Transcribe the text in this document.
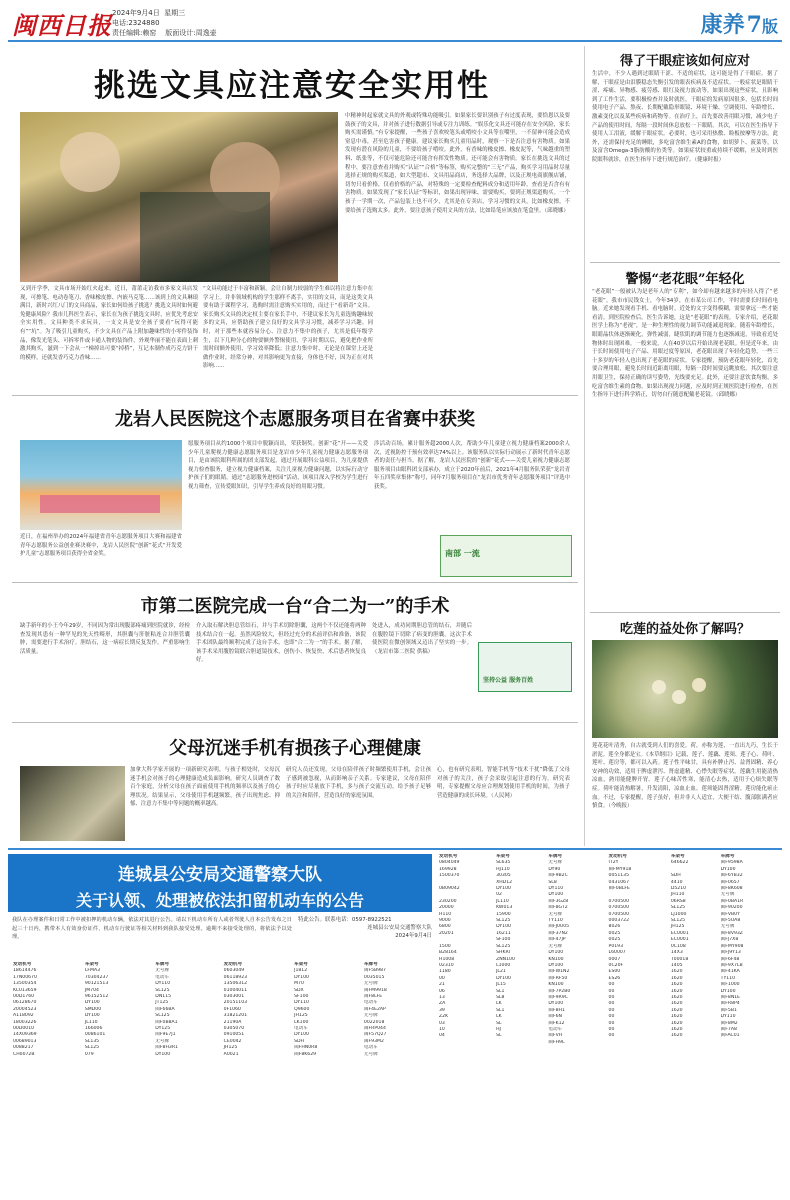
闽西日报 2024年9月4日 星期三
电话:2324880
责任编辑:赖窑 版面设计:周逸壶	康养7版
挑选文具应注意安全实用性
又到开学季，文具市场开始红火起来。近日，莆莆走访我市多家文具店发现，可擦笔、电动卷笔刀、香味橡皮擦、内嵌马克笔……该到上的文具琳琅满目，新时兴红八门的文具商品，家长如何给孩子挑选？挑选文具时如何避免健康风险？我市儿科医生表示，家长在为孩子挑选文具时，应优先考虑安全实用性，文具种类不求玩具，一支文具是安全孩子要看“玩得可能有”“坑”。为了吸引儿童购买，不少文具在产品上附加趣味性的小零件装饰品，像发光笔头、可拆零件或卡通人物的装饰件，外观华丽不能在表面上刺激其购买，滋到一下会从一“梯掉出可要“掉桥”，互记本制作成巧克力饼干的模样，还就发香巧克力香味……
“文具功能过于丰富和新颖，会让自制力较弱的学生难以将注意力集中在学习上。并非领域机构的学生那样不离手，实用的文具，而是这类文具要有助于课程学习，选购时需注意购买实用的，而过于“看新奇”文具。家长购买文具的决定权主要在家长手中，不建议家长为儿童选购趣味较多的文具，应帮助孩子建立良好的文具学习习惯，减养学习兴趣。同时，对于那些本就容易分心、注意力不集中的孩子，尤其是低年级学生，以下几种分心的物要额外警惕使用，学习时期以后，避免把作业所需时间额外使用，学习效率降低；注意力集中时，无论是在课堂上还是做作业时，经常分神，对其影响更为直接，身体也不好，因为正在对其影响……
中精神时起家就文具的外观或特殊功能吸引。如果家长要识别孩子有过度表现，要恰恩以及要鼓孩子的文具，并对孩子进行数据引导或专注力训练。“娱乐化文具还可能存在安全风险，家长购买需谨慎。”有专家提醒，一些孩子喜欢咬笔头或啃咬小文具等在嘴里，一不留神可能会造成窒息中毒，甚至危害孩子健康。建议家长购买儿童用品时，观察一下是否注意有害物质。如果发现有潜在风险的儿童，不要给孩子啃咬。此外，有香味的橡皮擦、橡皮泥等，气味越重的塑料、纸张等，不仅可能危险还可能含有挥发性物质。还可能会有害物质。家长在挑选文具的过程中，要注意查看并购买“认证”“合格”等标签，购买完整的“三无”产品，购买学习用品时尽量选择正规的购买渠道，如大型超市、文具用品商店，务选择大品牌，以及正规电商旗舰店铺，切勿只看价格，仅看价格的产品，对特殊的一定要检查配料成分和适用年龄，查看是否含有有害物质。如果发现了“家长认证”等标识，如果出现异味、需要购买，要到正规渠道购买。一个孩子一学期一次，产品包装上也不可少，尤其是在专卖店，学习习惯的文具，比如橡皮擦，不要给孩子选购太多。此外，要注意孩子使用文具的方法，比如铅笔应该放在笔盒里。（邱晓娜）
龙岩人民医院这个志愿服务项目在省赛中获奖
近日，在福州举办的2024年福建省青年志愿服务项目大赛和福建省青年志愿服务公益创业赛决赛中，龙岩人民医院“创新”花式“开发爱护儿童”志愿服务项目获得全省金奖。
愿服务项目从约1000个项目中脱颖而出，荣获铜奖。创新“花”开——关爱少年儿童爬视力健康志愿服务项目是龙岩市少年儿童视力健康志愿服务项目，是由该院眼科所属的团支部发起，通过开展眼科公益项目，为儿童提供视力检查服务，建立视力健康档案，关注儿童视力健康问题，以实际行动守护孩子们的眼睛。通过“志愿服务进校园”活动，该项目深入学校为学生进行视力筛查，宣传爱眼知识，引导学生养成良好的用眼习惯。
涉活动百场，累计服务超2000人次，帮助少年儿童建立视力健康档案2000余人次，近视防控干预有效率达74%以上。该服务队以实际行动展示了新时代青年志愿者的责任与担当。据了解，龙岩人民医院的“创新”花式——关爱儿童视力健康志愿服务项目由眼科团支部承办，成立于2020年前后，2021年4月服务队荣获“龙岩青年五四奖章集体”称号，同年7月服务项目在“龙岩市优秀青年志愿服务项目”评选中获奖。
南部 一流
市第二医院完成一台“合二为一”的手术
缺手新年的小王今年29岁，不同因为常出现腹部疼痛到医院就诊，经检查发现其患有一种罕见的先天性畸形，其胆囊与肝脏粘连合并胆管囊肿，需要进行手术治疗。胆结石，这一病症长期反复发作，严重影响生活质量。
介入取石解决胆总管结石，并与手术切除胆囊，这两个不仅还能将两种技术结合在一起。虽然风险较大，但经过充分的术前评估和准备，该院手术团队最终顺利完成了这台手术，也即“合二为一”的手术。据了解，该手术采用腹腔镜联合胆道镜技术，创伤小、恢复快，术后患者恢复良好。
处进入，成功同期胆总管的结石，并随后在腹腔镜下切除了病变的胆囊。这次手术使医院在微创领域又迈出了坚实的一步。（龙岩市第二医院 供稿）
坚持公益 服务百姓
父母沉迷手机有损孩子心理健康
加拿大科学家开展的一项新研究表明，与孩子相处时，父母沉迷手机会对孩子的心理健康造成负面影响。研究人员调查了数百个家庭，分析父母在孩子面前使用手机的频率以及孩子的心理状况。结果显示，父母使用手机越频繁，孩子出现焦虑、抑郁、注意力不集中等问题的概率越高。
研究人员还发现，父母在陪伴孩子时频繁使用手机，会让孩子感到被忽视，从而影响亲子关系。专家建议，父母在陪伴孩子时应尽量放下手机，多与孩子交流互动，给予孩子足够的关注和陪伴，营造良好的家庭氛围。
心，也有研究表明，智能手机等“技术干扰”降低了父母对孩子的关注，孩子会采取引起注意的行为。研究表明，专家提醒父母应合理规划使用手机的时间，为孩子营造健康的成长环境。（人民网）
得了干眼症该如何应对
生活中，不少人遇到过眼睛干涩、不适的症状，这可能是得了干眼症。据了解，干眼症是由泪膜稳态失衡引发的眼表疾病及不适症状。一般症状是眼睛干涩、疼痛、异物感、疲劳感、眼红及视力波动等。如果出现这些症状，且影响到了工作生活，要积极检查并及时就医。干眼症的发病原因很多，包括长时间使用电子产品、熬夜、长期配戴隐形眼镜、环境干燥、空调使用、年龄增长、激素变化以及某些疾病和药物等。在治疗上，首先要改善用眼习惯，减少电子产品的使用时间，每隔一段时间休息放松一下眼睛。其次，可以在医生指导下使用人工泪液，缓解干眼症状。必要时，也可采用热敷、睑板按摩等方法。此外，还需保持充足的睡眠，多吃富含维生素A的食物，如胡萝卜、菠菜等，以及富含Omega-3脂肪酸的鱼类等。如果症状较重或持续不缓解，应及时到医院眼科就诊，在医生指导下进行规范治疗。（健康时报）
警惕“老花眼”年轻化
“老花眼”一般被认为是老年人的“专利”，如今却有越来越多的年轻人得了“老花眼”。我市市民钱女士，今年34岁，在市某公司工作，平时需要长时间看电脑。近来她发现看手机、看电脑时，近处的文字变得模糊，需要拿远一些才能看清。到医院检查后，医生告诉她，这是“老花眼”的表现。专家介绍，老花眼医学上称为“老视”，是一种生理性的视力调节功能减退现象。随着年龄增长，眼睛晶状体逐渐硬化，弹性减弱，睫状肌的调节能力也逐渐减退，导致看近处物体时出现困难。一般来说，人在40岁以后开始出现老花眼。但是近年来，由于长时间使用电子产品、用眼过度等原因，老花眼出现了年轻化趋势，一些三十多岁的年轻人也出现了老花眼的症状。专家提醒，预防老花眼年轻化，首先要合理用眼，避免长时间近距离用眼，每隔一段时间要远眺放松。其次要注意用眼卫生，保持正确的读写姿势，光线要充足。此外，还要注意饮食均衡，多吃富含维生素的食物。如果出现视力问题，应及时到正规医院进行检查，在医生指导下进行科学矫正，切勿自行随意配戴老花镜。（邱晓娜）
吃莲的益处你了解吗？
莲花花叶清秀，自古就受到人们的喜爱。荷，亦称为莲，一直出九巧，生长于淤泥。莲全身都是宝。《本草纲目》记载，莲子、莲藕、莲须、莲子心、荷叶、莲叶、莲房等，都可以入药。莲子性平味甘，具有补脾止泻、益肾固精、养心安神的功效，适用于脾虚泄泻、肾虚遗精、心悸失眠等症状。莲藕生用能清热凉血，熟用能健脾开胃。莲子心味苦性寒，能清心去热，适用于心烦失眠等症。荷叶能清热解暑，升发清阳，凉血止血。莲须能固肾涩精。莲房能化瘀止血。不过，专家提醒，莲子虽好，但并非人人适宜，大便干结、腹部胀满者应慎食。（今晚报）
连城县公安局交通警察大队
关于认领、处理被依法扣留机动车的公告
我队在办理案件和日常工作中被扣押的机动车辆，依法对其进行公告。请以下机动车所有人或者驾驶人自本公告发布之日起三十日内，携带本人有效身份证件、机动车行驶证等相关材料到我队接受处理。逾期不来接受处理的，将依法予以处理。
特此公告。联系电话：0597-8922521
连城县公安局交通警察大队
2024年9月4日
发动机号	车架号	车牌号	发动机号	车架号	车牌号
18614476	LFMA3	无号牌	0603049	J1812	闽F5B987
17N00670	70304237	电动车	06118923	DY100	0035015
13500354	90121513	DY110	13506312	M70	无号牌
KC013659	JM704	SL125	01004011	SDX	闽FM9918
00D1760	96152512	DN115	0303001	SF100	闽F8LFE
06128670	DY100	JT125	20151103	DY110	电动车
20004523	SMD00	闽F66BA	0F1060	Q9600	闽F4E2AP
A118092	DY100	SL125	31821201	JH125	无号牌
18003226	JL110	闽F0B8A1	21190A	LK100	0022018
00D0010	166006	DY125	0305070	电动车	闽FRP044
14X09369	0086101	闽F9E7J1	0910051	DY100	闽F57Q27
00689013	SL135	无号牌	CE0042	SDH	闽F93M2
0088217	SL125	闽F8H3R1	JH125	闽FHN0R8	电动车
CH0072B	079	DY100	A0021	闽F8K629	无号牌
发动机号	车架号	车牌号	发动机号	车架号	车牌号
0804049	SL635	无号牌	IT2Y	646622	闽F9598A
169928	HJ110	DY90	闽FMY918		DY100
1500370	30305	闽F9B2C	0051135	SDH	闽F6YB32
	XHD12	SL8	0431067	4410	闽F0657
0B09042	DY100	DY110	闽F0BLFE	D5210	闽F8K608
	02	DY100		JH110	无号牌
230200	JL110	闽F3GZ8	0700500	06RS8	闽F0BA1R
20000	KW013	闽F8GT2	0700500	SL125	闽F90200
H110	15900	无号牌	0700500	LJ1000	闽FVB0Y
9000	SL125	TY110	0003722	SL125	闽F5UA8
6800	DY100	闽FJ0U05	8026	JH125	无号牌
20201	16211	闽F37N2	0025	EC0001	闽F8V93Z
	SF100	闽F47JP	0025	EC0001	闽FJ7X8
1500	SL125	无号牌	P0193	0C108	闽FMY908
B28164	SHKRT	DY100	L60007	14X3	闽FJ9Y13
H1008	ZNN100	KN100	0007	T00018	闽F6F48
02310	L1000	DY100	0C20F	1405	闽F9X7LB
1180	JL21	闽FW1N2	ES00	1620	闽F41KA
00	DY100	闽FRF50	ES26	1620	TY110
21	JL15	KN100	00	1620	闽F1000
06	SL1	闽F7P2B0	00	1620	DY100
13	SL8	闽F9R9C	00	1620	闽F8N1E
ZA	LK	DY100	00	1620	闽FR8P4
39	SL1	闽F8H1	00	1620	闽F5B1
Z2K	LK	闽F6N	00	1620	DY110
03	SL	闽FK12	00	1620	闽F8M2
10	HJ	电动车	00	1620	闽F7A8
04	SL	闽FVH	00	1620	闽FAC01
		闽FH9L			
